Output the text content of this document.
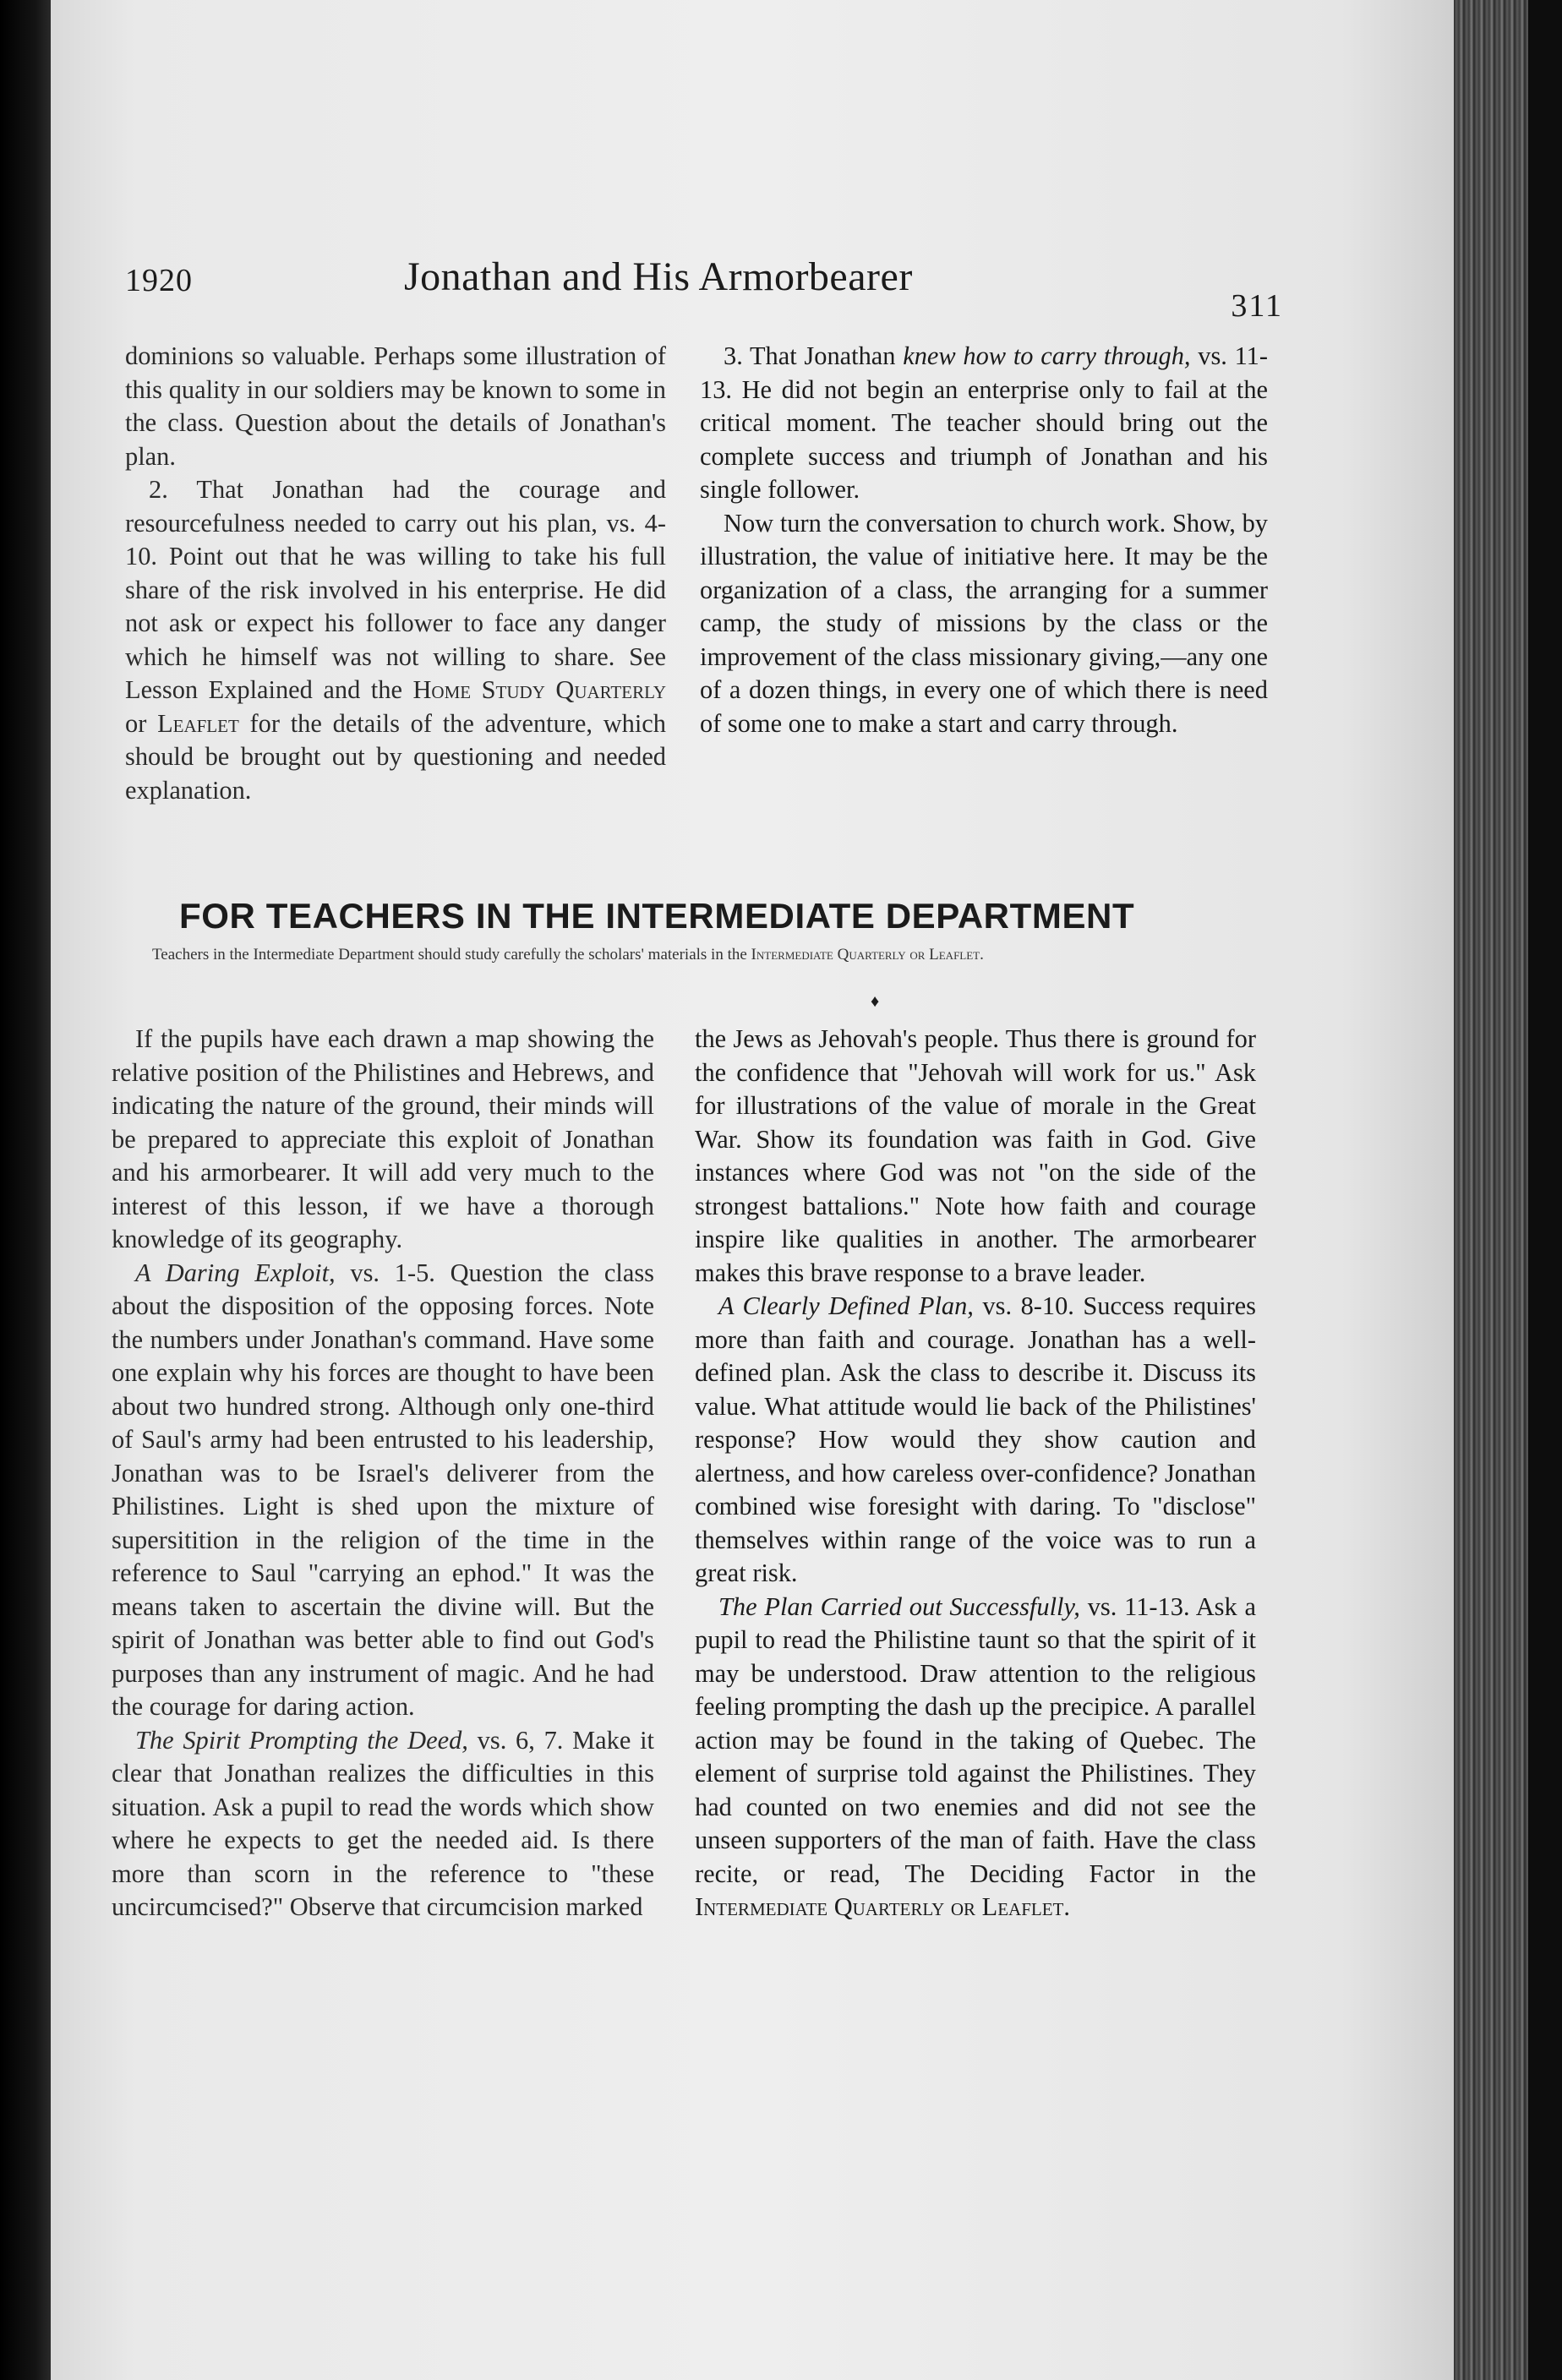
1920	Jonathan and His Armorbearer
311

dominions so valuable. Perhaps some illustration of this quality in our soldiers may be known to some in the class. Question about the details of Jonathan's plan.

2. That Jonathan had the courage and resourcefulness needed to carry out his plan, vs. 4-10. Point out that he was willing to take his full share of the risk involved in his enterprise. He did not ask or expect his follower to face any danger which he himself was not willing to share. See Lesson Explained and the Home Study Quarterly or Leaflet for the details of the adventure, which should be brought out by questioning and needed explanation.

3. That Jonathan knew how to carry through, vs. 11-13. He did not begin an enterprise only to fail at the critical moment. The teacher should bring out the complete success and triumph of Jonathan and his single follower.

Now turn the conversation to church work. Show, by illustration, the value of initiative here. It may be the organization of a class, the arranging for a summer camp, the study of missions by the class or the improvement of the class missionary giving,—any one of a dozen things, in every one of which there is need of some one to make a start and carry through.

FOR TEACHERS IN THE INTERMEDIATE DEPARTMENT
Teachers in the Intermediate Department should study carefully the scholars' materials in the Intermediate Quarterly or Leaflet.
♦

If the pupils have each drawn a map showing the relative position of the Philistines and Hebrews, and indicating the nature of the ground, their minds will be prepared to appreciate this exploit of Jonathan and his armorbearer. It will add very much to the interest of this lesson, if we have a thorough knowledge of its geography.

A Daring Exploit, vs. 1-5. Question the class about the disposition of the opposing forces. Note the numbers under Jonathan's command. Have some one explain why his forces are thought to have been about two hundred strong. Although only one-third of Saul's army had been entrusted to his leadership, Jonathan was to be Israel's deliverer from the Philistines. Light is shed upon the mixture of supersitition in the religion of the time in the reference to Saul "carrying an ephod." It was the means taken to ascertain the divine will. But the spirit of Jonathan was better able to find out God's purposes than any instrument of magic. And he had the courage for daring action.

The Spirit Prompting the Deed, vs. 6, 7. Make it clear that Jonathan realizes the difficulties in this situation. Ask a pupil to read the words which show where he expects to get the needed aid. Is there more than scorn in the reference to "these uncircumcised?" Observe that circumcision marked

the Jews as Jehovah's people. Thus there is ground for the confidence that "Jehovah will work for us." Ask for illustrations of the value of morale in the Great War. Show its foundation was faith in God. Give instances where God was not "on the side of the strongest battalions." Note how faith and courage inspire like qualities in another. The armorbearer makes this brave response to a brave leader.

A Clearly Defined Plan, vs. 8-10. Success requires more than faith and courage. Jonathan has a well-defined plan. Ask the class to describe it. Discuss its value. What attitude would lie back of the Philistines' response? How would they show caution and alertness, and how careless over-confidence? Jonathan combined wise foresight with daring. To "disclose" themselves within range of the voice was to run a great risk.

The Plan Carried out Successfully, vs. 11-13. Ask a pupil to read the Philistine taunt so that the spirit of it may be understood. Draw attention to the religious feeling prompting the dash up the precipice. A parallel action may be found in the taking of Quebec. The element of surprise told against the Philistines. They had counted on two enemies and did not see the unseen supporters of the man of faith. Have the class recite, or read, The Deciding Factor in the Intermediate Quarterly or Leaflet.
